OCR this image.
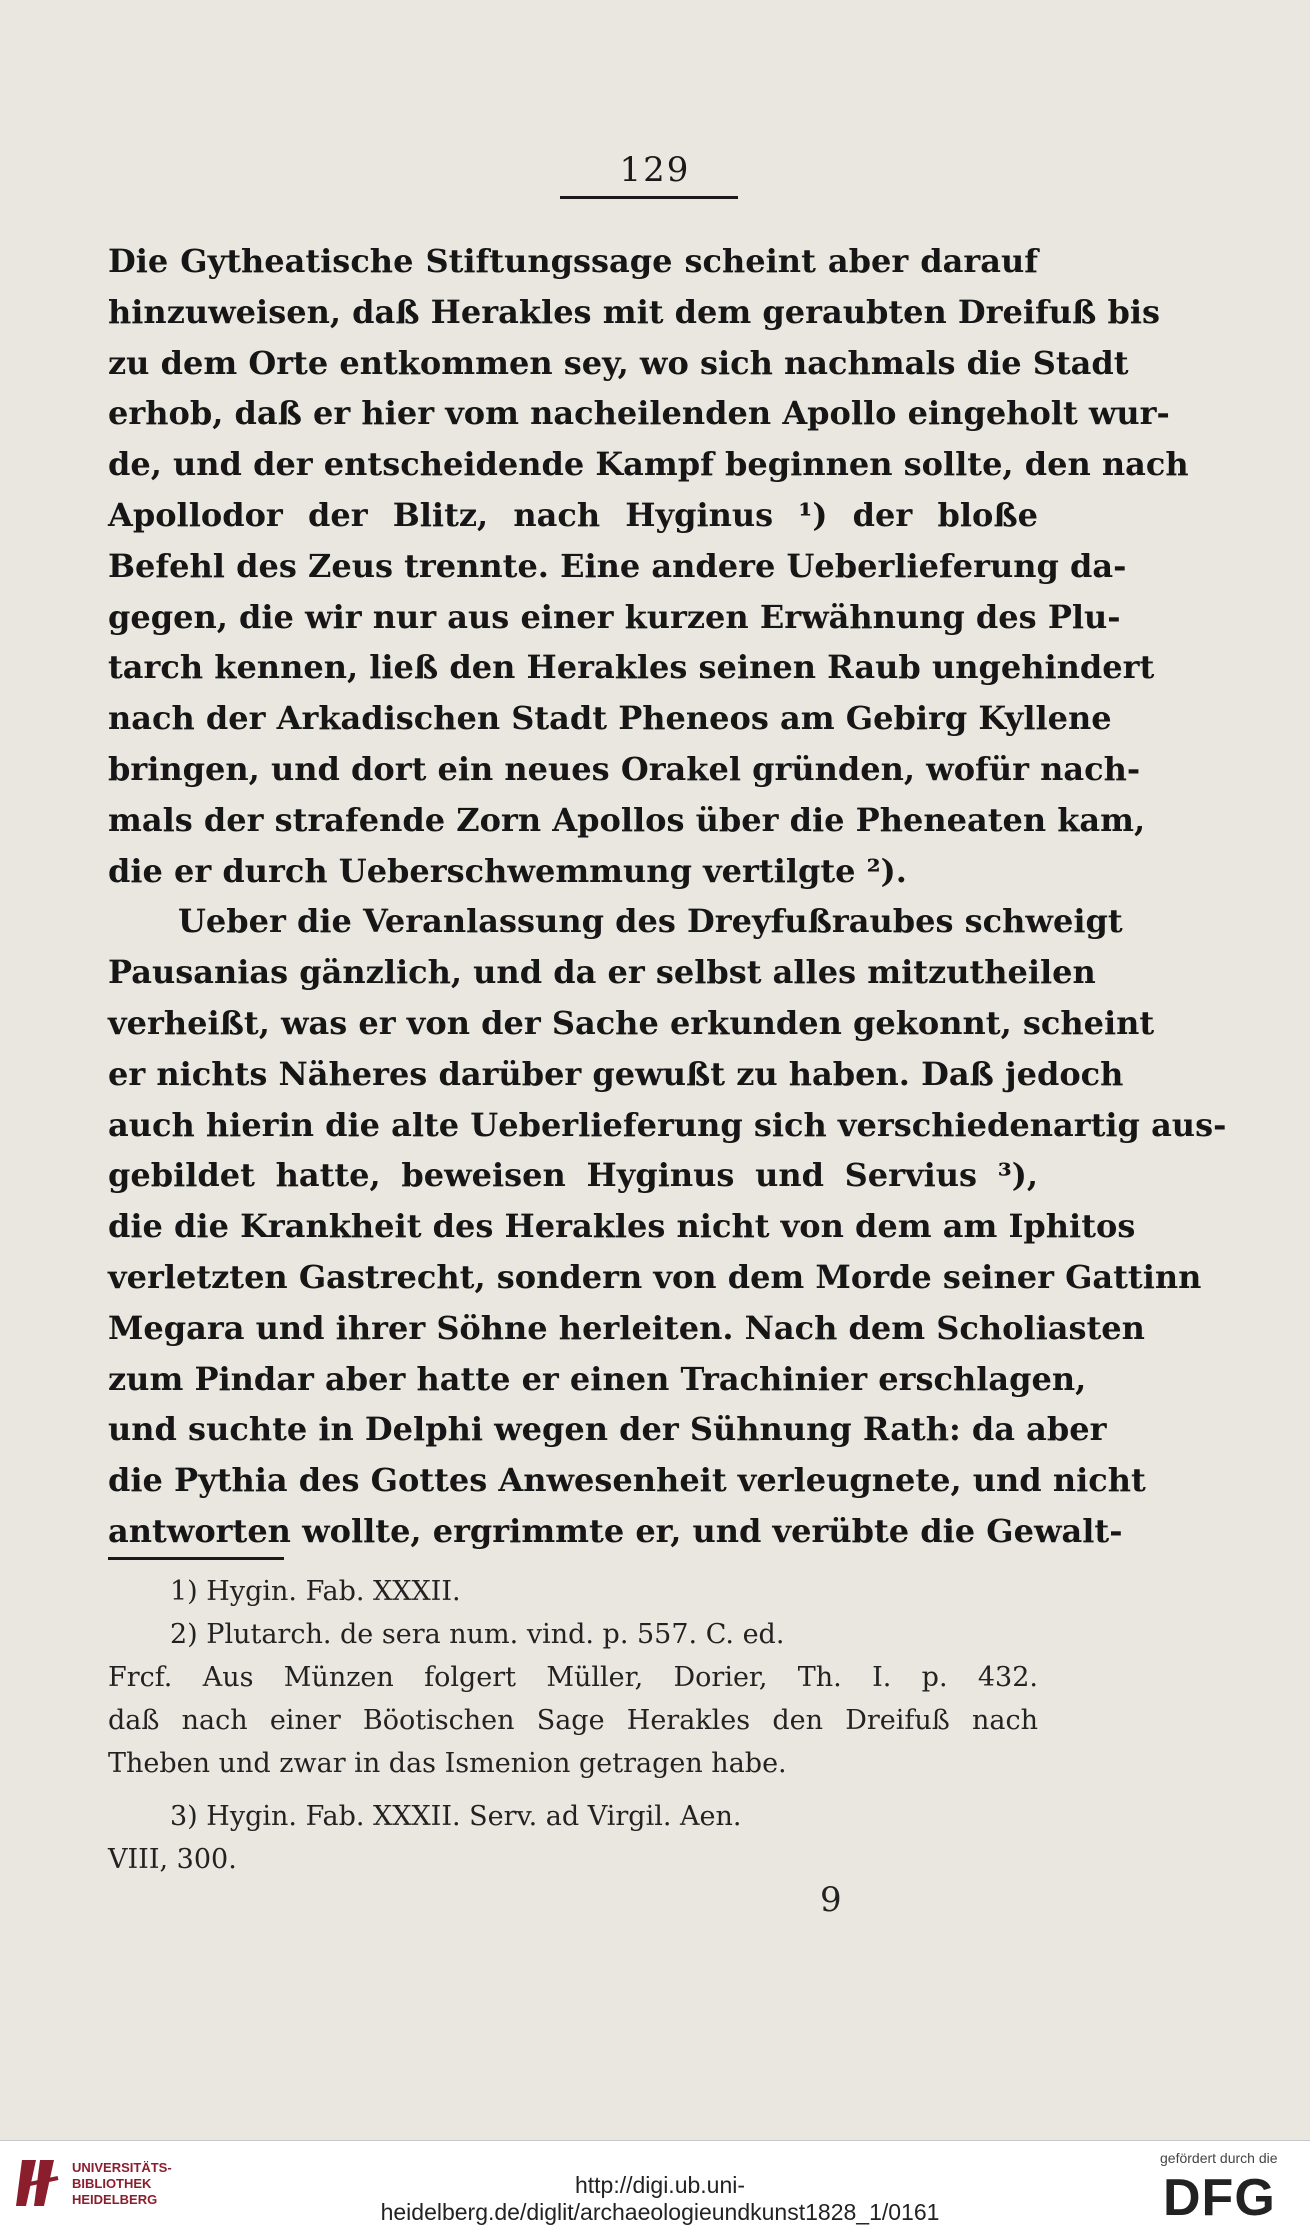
129
Die Gytheatische Stiftungssage scheint aber darauf
hinzuweisen, daß Herakles mit dem geraubten Dreifuß bis
zu dem Orte entkommen sey, wo sich nachmals die Stadt
erhob, daß er hier vom nacheilenden Apollo eingeholt wur-
de, und der entscheidende Kampf beginnen sollte, den nach
Apollodor der Blitz, nach Hyginus ¹) der bloße
Befehl des Zeus trennte. Eine andere Ueberlieferung da-
gegen, die wir nur aus einer kurzen Erwähnung des Plu-
tarch kennen, ließ den Herakles seinen Raub ungehindert
nach der Arkadischen Stadt Pheneos am Gebirg Kyllene
bringen, und dort ein neues Orakel gründen, wofür nach-
mals der strafende Zorn Apollos über die Pheneaten kam,
die er durch Ueberschwemmung vertilgte ²).
Ueber die Veranlassung des Dreyfußraubes schweigt
Pausanias gänzlich, und da er selbst alles mitzutheilen
verheißt, was er von der Sache erkunden gekonnt, scheint
er nichts Näheres darüber gewußt zu haben. Daß jedoch
auch hierin die alte Ueberlieferung sich verschiedenartig aus-
gebildet hatte, beweisen Hyginus und Servius ³),
die die Krankheit des Herakles nicht von dem am Iphitos
verletzten Gastrecht, sondern von dem Morde seiner Gattinn
Megara und ihrer Söhne herleiten. Nach dem Scholiasten
zum Pindar aber hatte er einen Trachinier erschlagen,
und suchte in Delphi wegen der Sühnung Rath: da aber
die Pythia des Gottes Anwesenheit verleugnete, und nicht
antworten wollte, ergrimmte er, und verübte die Gewalt-
1) Hygin. Fab. XXXII.
2) Plutarch. de sera num. vind. p. 557. C. ed.
Frcf. Aus Münzen folgert Müller, Dorier, Th. I. p. 432.
daß nach einer Böotischen Sage Herakles den Dreifuß nach
Theben und zwar in das Ismenion getragen habe.
3) Hygin. Fab. XXXII. Serv. ad Virgil. Aen.
VIII, 300.
9
UNIVERSITÄTS-
BIBLIOTHEK
HEIDELBERG
http://digi.ub.uni-heidelberg.de/diglit/archaeologieundkunst1828_1/0161
gefördert durch die
DFG
